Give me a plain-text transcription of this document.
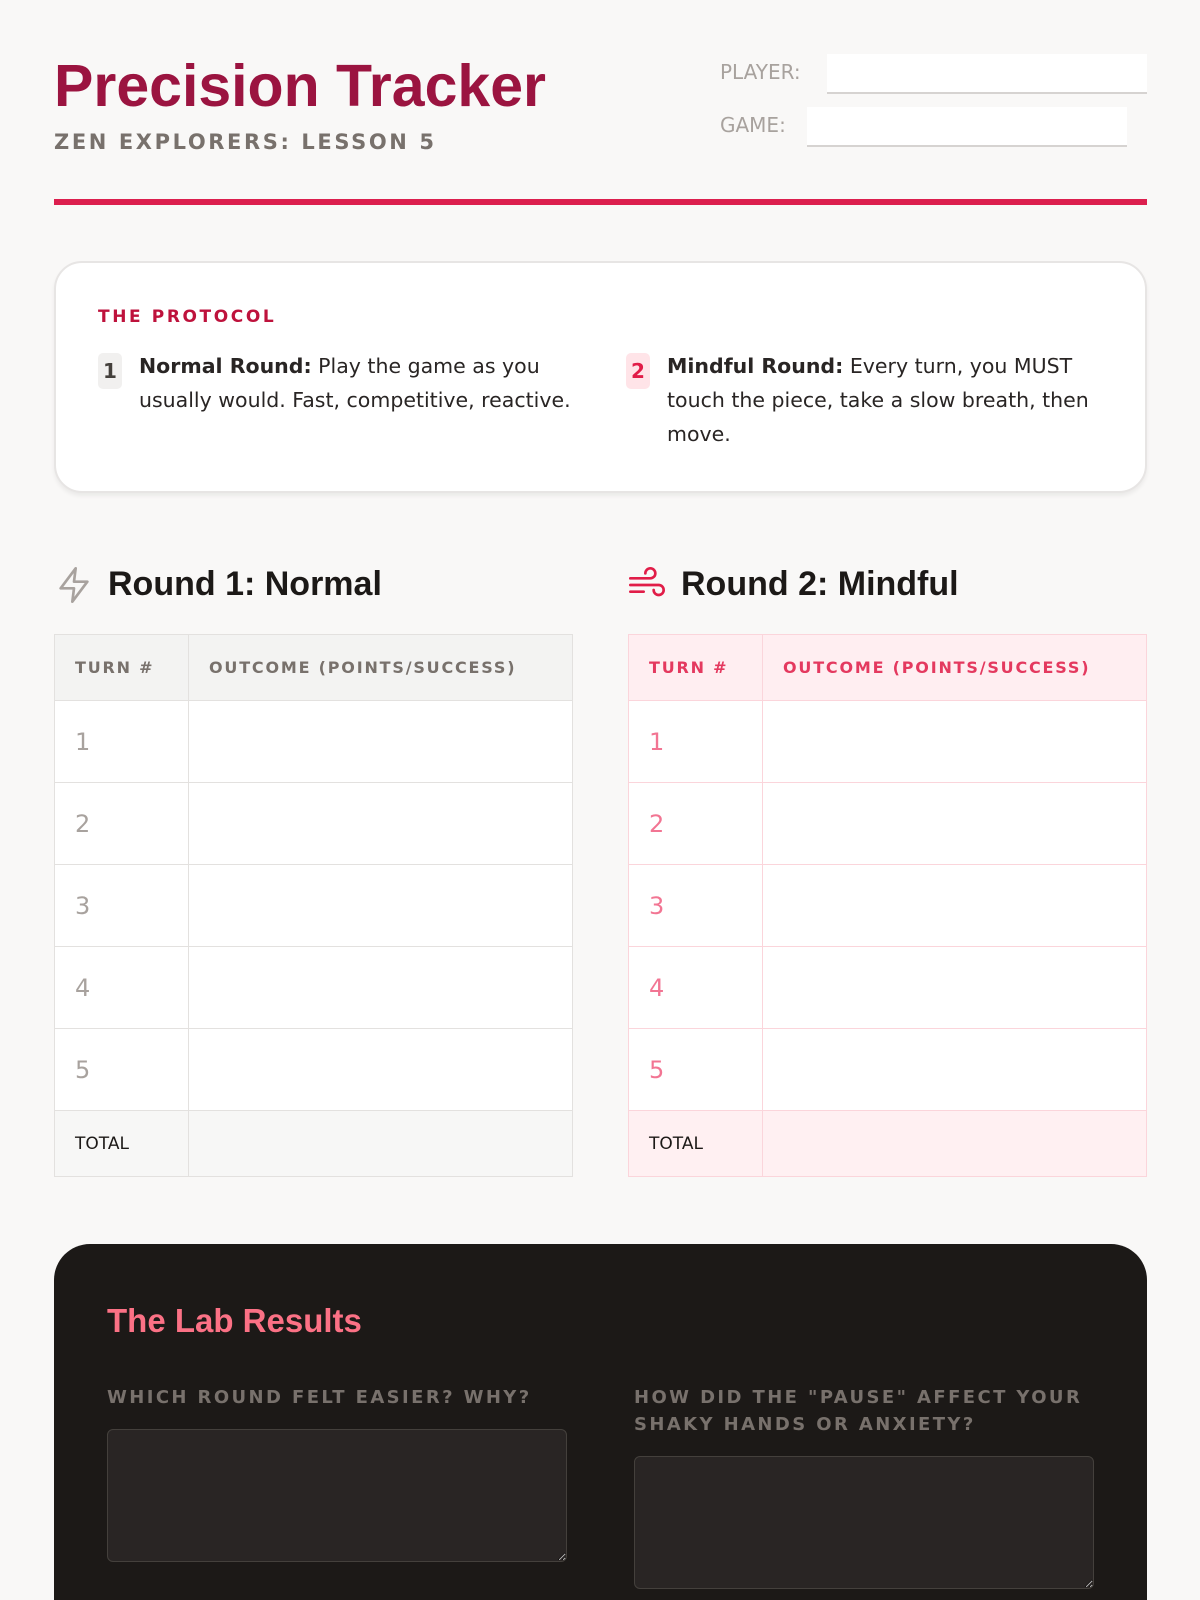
Precision Tracker
ZEN EXPLORERS: LESSON 5
PLAYER:
GAME:
THE PROTOCOL
1 Normal Round: Play the game as you usually would. Fast, competitive, reactive.
2 Mindful Round: Every turn, you MUST touch the piece, take a slow breath, then move.
Round 1: Normal
TURN #	OUTCOME (POINTS/SUCCESS)
1	
2	
3	
4	
5	
TOTAL	
Round 2: Mindful
TURN #	OUTCOME (POINTS/SUCCESS)
1	
2	
3	
4	
5	
TOTAL	
The Lab Results
WHICH ROUND FELT EASIER? WHY?	HOW DID THE "PAUSE" AFFECT YOUR SHAKY HANDS OR ANXIETY?
